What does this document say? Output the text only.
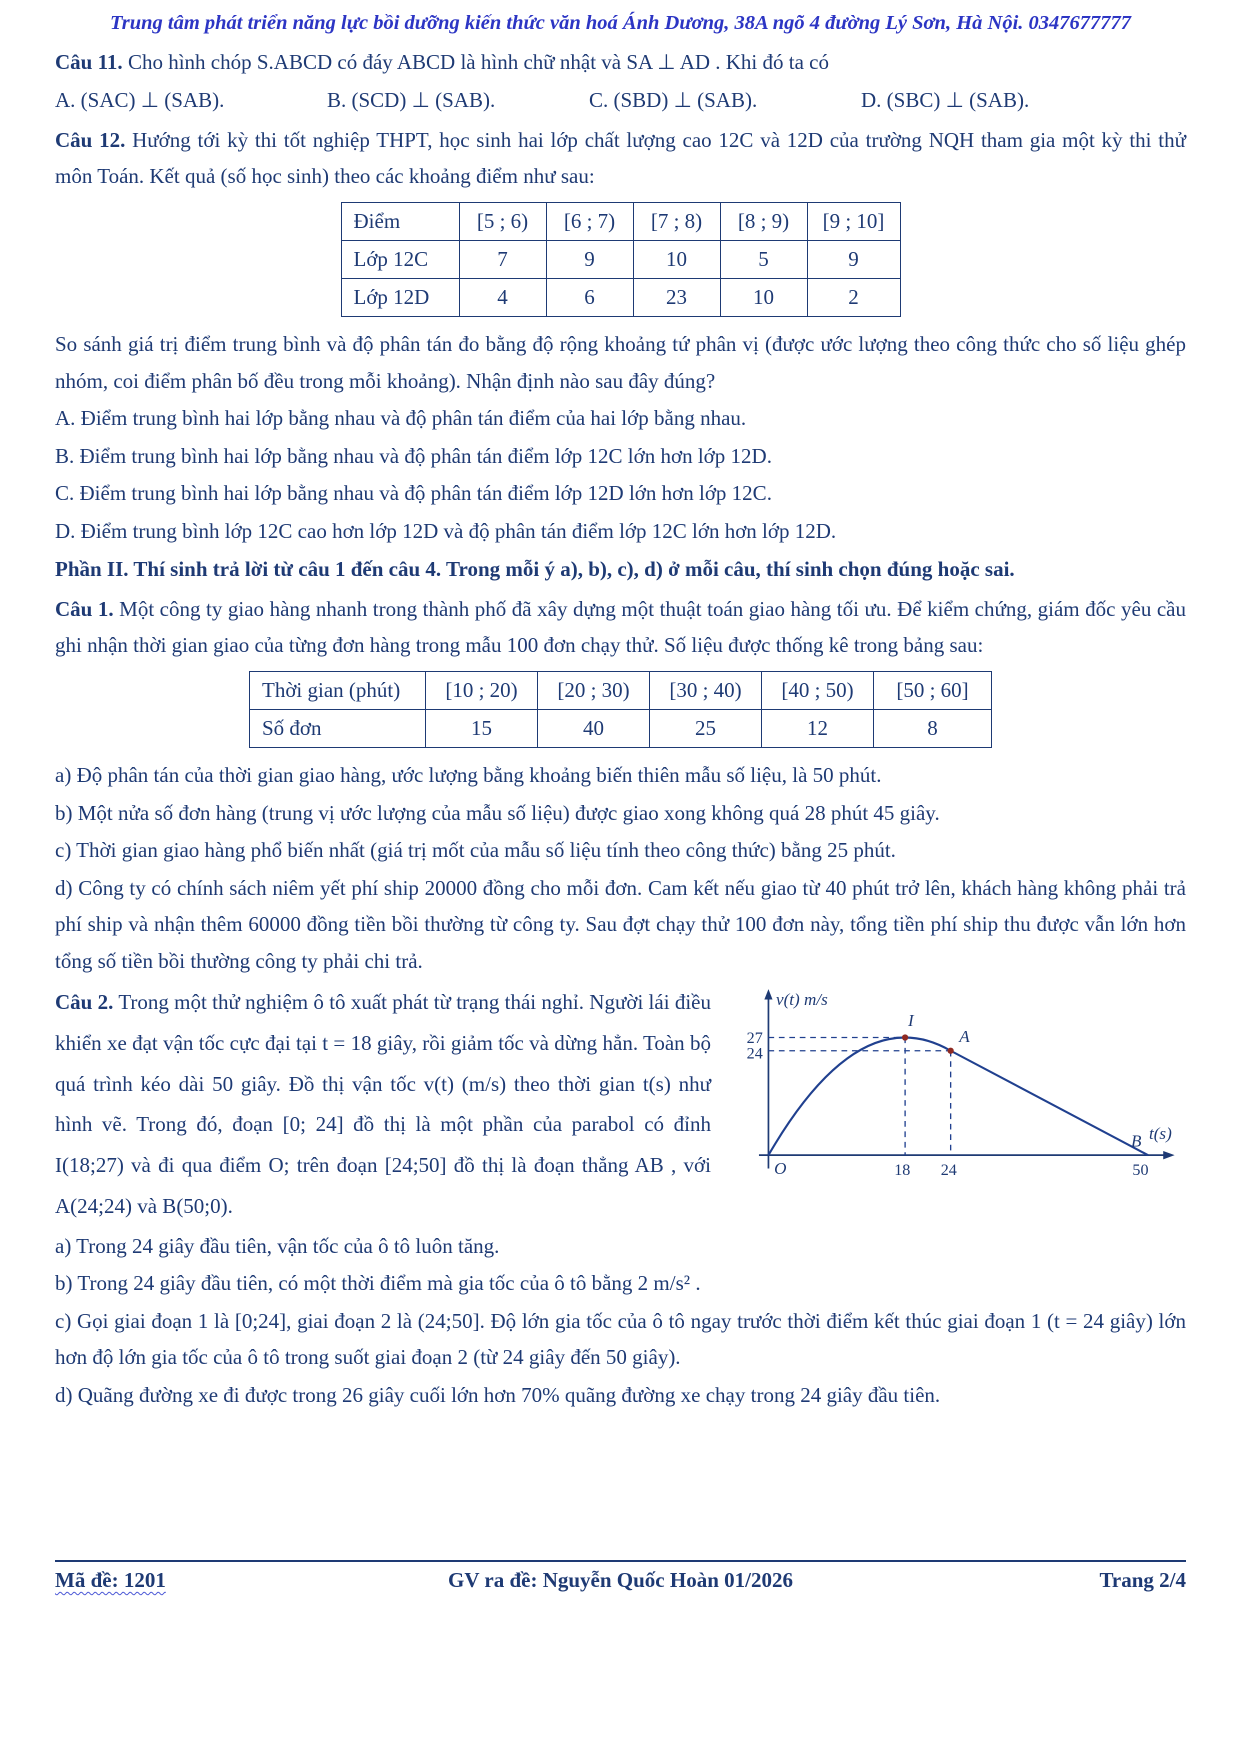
Trung tâm phát triển năng lực bồi dưỡng kiến thức văn hoá Ánh Dương, 38A ngõ 4 đường Lý Sơn, Hà Nội. 0347677777

Câu 11. Cho hình chóp S.ABCD có đáy ABCD là hình chữ nhật và SA ⊥ AD . Khi đó ta có

A. (SAC) ⊥ (SAB).	B. (SCD) ⊥ (SAB).	C. (SBD) ⊥ (SAB).	D. (SBC) ⊥ (SAB).

Câu 12. Hướng tới kỳ thi tốt nghiệp THPT, học sinh hai lớp chất lượng cao 12C và 12D của trường NQH tham gia một kỳ thi thử môn Toán. Kết quả (số học sinh) theo các khoảng điểm như sau:

Điểm	[5 ; 6)	[6 ; 7)	[7 ; 8)	[8 ; 9)	[9 ; 10]
Lớp 12C	7	9	10	5	9
Lớp 12D	4	6	23	10	2

So sánh giá trị điểm trung bình và độ phân tán đo bằng độ rộng khoảng tứ phân vị (được ước lượng theo công thức cho số liệu ghép nhóm, coi điểm phân bố đều trong mỗi khoảng). Nhận định nào sau đây đúng?

A. Điểm trung bình hai lớp bằng nhau và độ phân tán điểm của hai lớp bằng nhau.

B. Điểm trung bình hai lớp bằng nhau và độ phân tán điểm lớp 12C lớn hơn lớp 12D.

C. Điểm trung bình hai lớp bằng nhau và độ phân tán điểm lớp 12D lớn hơn lớp 12C.

D. Điểm trung bình lớp 12C cao hơn lớp 12D và độ phân tán điểm lớp 12C lớn hơn lớp 12D.

Phần II. Thí sinh trả lời từ câu 1 đến câu 4. Trong mỗi ý a), b), c), d) ở mỗi câu, thí sinh chọn đúng hoặc sai.

Câu 1. Một công ty giao hàng nhanh trong thành phố đã xây dựng một thuật toán giao hàng tối ưu. Để kiểm chứng, giám đốc yêu cầu ghi nhận thời gian giao của từng đơn hàng trong mẫu 100 đơn chạy thử. Số liệu được thống kê trong bảng sau:

Thời gian (phút)	[10 ; 20)	[20 ; 30)	[30 ; 40)	[40 ; 50)	[50 ; 60]
Số đơn	15	40	25	12	8

a) Độ phân tán của thời gian giao hàng, ước lượng bằng khoảng biến thiên mẫu số liệu, là 50 phút.

b) Một nửa số đơn hàng (trung vị ước lượng của mẫu số liệu) được giao xong không quá 28 phút 45 giây.

c) Thời gian giao hàng phổ biến nhất (giá trị mốt của mẫu số liệu tính theo công thức) bằng 25 phút.

d) Công ty có chính sách niêm yết phí ship 20000 đồng cho mỗi đơn. Cam kết nếu giao từ 40 phút trở lên, khách hàng không phải trả phí ship và nhận thêm 60000 đồng tiền bồi thường từ công ty. Sau đợt chạy thử 100 đơn này, tổng tiền phí ship thu được vẫn lớn hơn tổng số tiền bồi thường công ty phải chi trả.

Câu 2. Trong một thử nghiệm ô tô xuất phát từ trạng thái nghỉ. Người lái điều khiển xe đạt vận tốc cực đại tại t = 18 giây, rồi giảm tốc và dừng hẳn. Toàn bộ quá trình kéo dài 50 giây. Đồ thị vận tốc v(t) (m/s) theo thời gian t(s) như hình vẽ. Trong đó, đoạn [0; 24] đồ thị là một phần của parabol có đỉnh I(18;27) và đi qua điểm O; trên đoạn [24;50] đồ thị là đoạn thẳng AB , với A(24;24) và B(50;0).

v(t) m/s
27
24
I
A
B t(s)
O	18 24	50

a) Trong 24 giây đầu tiên, vận tốc của ô tô luôn tăng.

b) Trong 24 giây đầu tiên, có một thời điểm mà gia tốc của ô tô bằng 2 m/s² .

c) Gọi giai đoạn 1 là [0;24], giai đoạn 2 là (24;50]. Độ lớn gia tốc của ô tô ngay trước thời điểm kết thúc giai đoạn 1 (t = 24 giây) lớn hơn độ lớn gia tốc của ô tô trong suốt giai đoạn 2 (từ 24 giây đến 50 giây).

d) Quãng đường xe đi được trong 26 giây cuối lớn hơn 70% quãng đường xe chạy trong 24 giây đầu tiên.

Mã đề: 1201	GV ra đề: Nguyễn Quốc Hoàn 01/2026	Trang 2/4
